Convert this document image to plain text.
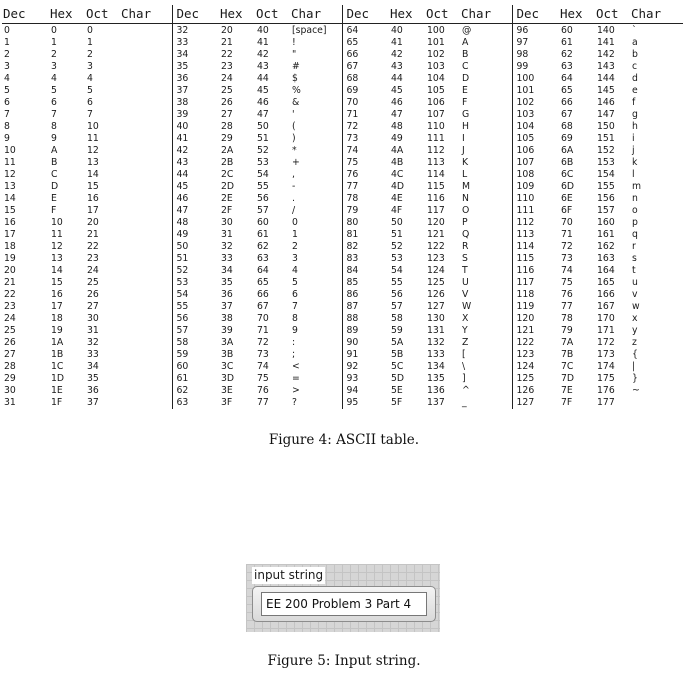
Dec	Hex	Oct	Char	Dec	Hex	Oct	Char	Dec	Hex	Oct	Char	Dec	Hex	Oct	Char
0	0	0		32	20	40	[space]	64	40	100	@	96	60	140	`
1	1	1		33	21	41	!	65	41	101	A	97	61	141	a
2	2	2		34	22	42	"	66	42	102	B	98	62	142	b
3	3	3		35	23	43	#	67	43	103	C	99	63	143	c
4	4	4		36	24	44	$	68	44	104	D	100	64	144	d
5	5	5		37	25	45	%	69	45	105	E	101	65	145	e
6	6	6		38	26	46	&	70	46	106	F	102	66	146	f
7	7	7		39	27	47	'	71	47	107	G	103	67	147	g
8	8	10		40	28	50	(	72	48	110	H	104	68	150	h
9	9	11		41	29	51	)	73	49	111	I	105	69	151	i
10	A	12		42	2A	52	*	74	4A	112	J	106	6A	152	j
11	B	13		43	2B	53	+	75	4B	113	K	107	6B	153	k
12	C	14		44	2C	54	,	76	4C	114	L	108	6C	154	l
13	D	15		45	2D	55	-	77	4D	115	M	109	6D	155	m
14	E	16		46	2E	56	.	78	4E	116	N	110	6E	156	n
15	F	17		47	2F	57	/	79	4F	117	O	111	6F	157	o
16	10	20		48	30	60	0	80	50	120	P	112	70	160	p
17	11	21		49	31	61	1	81	51	121	Q	113	71	161	q
18	12	22		50	32	62	2	82	52	122	R	114	72	162	r
19	13	23		51	33	63	3	83	53	123	S	115	73	163	s
20	14	24		52	34	64	4	84	54	124	T	116	74	164	t
21	15	25		53	35	65	5	85	55	125	U	117	75	165	u
22	16	26		54	36	66	6	86	56	126	V	118	76	166	v
23	17	27		55	37	67	7	87	57	127	W	119	77	167	w
24	18	30		56	38	70	8	88	58	130	X	120	78	170	x
25	19	31		57	39	71	9	89	59	131	Y	121	79	171	y
26	1A	32		58	3A	72	:	90	5A	132	Z	122	7A	172	z
27	1B	33		59	3B	73	;	91	5B	133	[	123	7B	173	{
28	1C	34		60	3C	74	<	92	5C	134	\	124	7C	174	|
29	1D	35		61	3D	75	=	93	5D	135	]	125	7D	175	}
30	1E	36		62	3E	76	>	94	5E	136	^	126	7E	176	~
31	1F	37		63	3F	77	?	95	5F	137	_	127	7F	177	
Figure 4: ASCII table.
input string
EE 200 Problem 3 Part 4
Figure 5: Input string.
